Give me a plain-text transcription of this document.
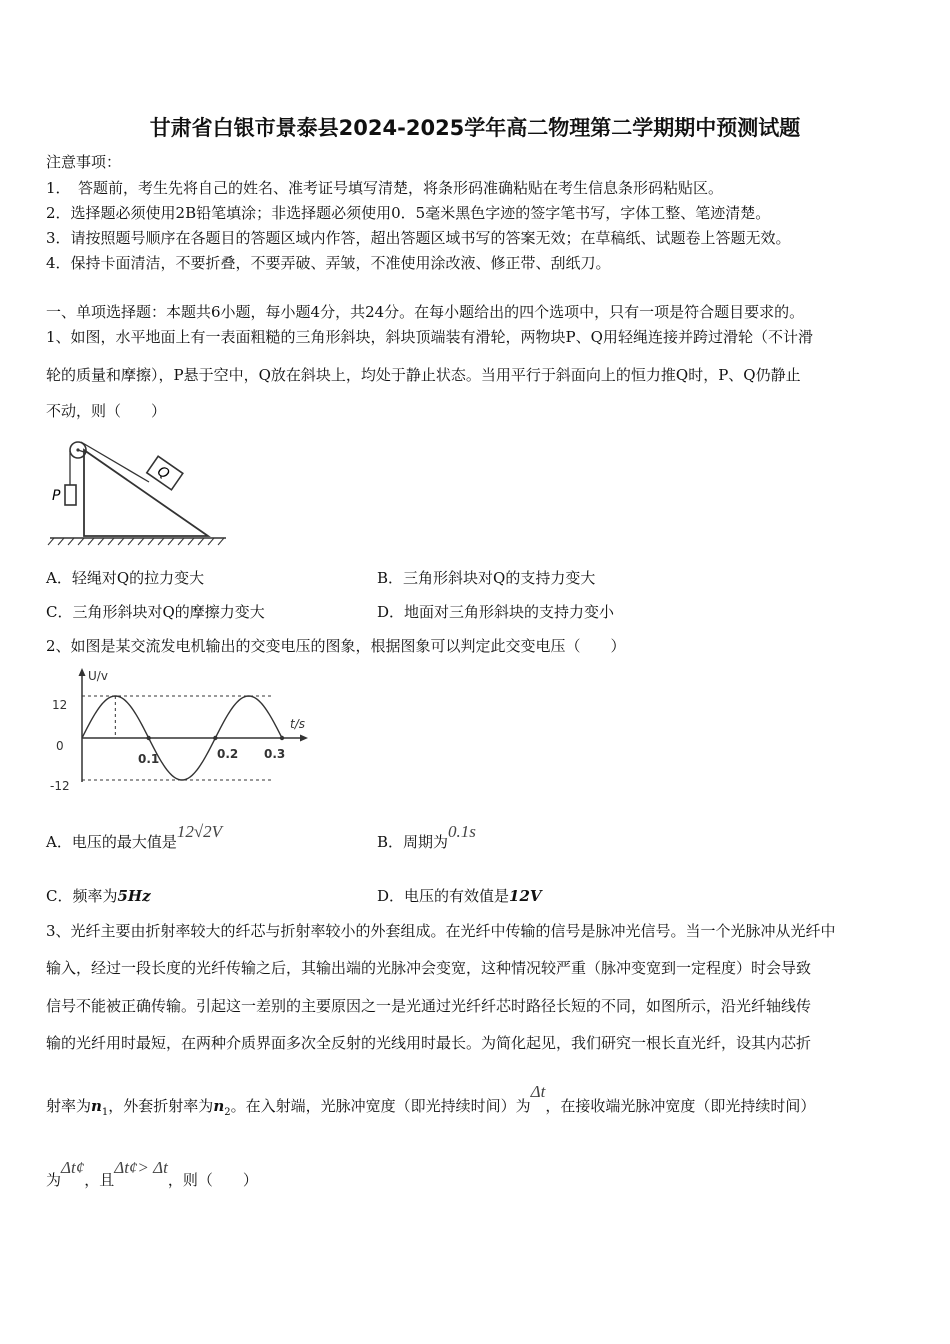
甘肃省白银市景泰县2024-2025学年高二物理第二学期期中预测试题
注意事项：
1．　答题前，考生先将自己的姓名、准考证号填写清楚，将条形码准确粘贴在考生信息条形码粘贴区。
2．选择题必须使用2B铅笔填涂；非选择题必须使用0．5毫米黑色字迹的签字笔书写，字体工整、笔迹清楚。
3．请按照题号顺序在各题目的答题区域内作答，超出答题区域书写的答案无效；在草稿纸、试题卷上答题无效。
4．保持卡面清洁，不要折叠，不要弄破、弄皱，不准使用涂改液、修正带、刮纸刀。
一、单项选择题：本题共6小题，每小题4分，共24分。在每小题给出的四个选项中，只有一项是符合题目要求的。
1、如图，水平地面上有一表面粗糙的三角形斜块，斜块顶端装有滑轮，两物块P、Q用轻绳连接并跨过滑轮（不计滑
轮的质量和摩擦），P悬于空中，Q放在斜块上，均处于静止状态。当用平行于斜面向上的恒力推Q时，P、Q仍静止
不动，则（　　）
P
Q
A．轻绳对Q的拉力变大	B．三角形斜块对Q的支持力变大
C．三角形斜块对Q的摩擦力变大	D．地面对三角形斜块的支持力变小
2、如图是某交流发电机输出的交变电压的图象，根据图象可以判定此交变电压（　　）
U/v
t/s
12
0
-12
0.1	0.2 0.3
A．电压的最大值是12√2V
B．周期为0.1s
C．频率为5Hz	D．电压的有效值是12V
3、光纤主要由折射率较大的纤芯与折射率较小的外套组成。在光纤中传输的信号是脉冲光信号。当一个光脉冲从光纤中
输入，经过一段长度的光纤传输之后，其输出端的光脉冲会变宽，这种情况较严重（脉冲变宽到一定程度）时会导致
信号不能被正确传输。引起这一差别的主要原因之一是光通过光纤纤芯时路径长短的不同，如图所示，沿光纤轴线传
输的光纤用时最短，在两种介质界面多次全反射的光线用时最长。为简化起见，我们研究一根长直光纤，设其内芯折
射率为$n_1$，外套折射率为$n_2$。在入射端，光脉冲宽度（即光持续时间）为Δt，在接收端光脉冲宽度（即光持续时间）
为Δt¢，且Δt¢> Δt，则（　　）
